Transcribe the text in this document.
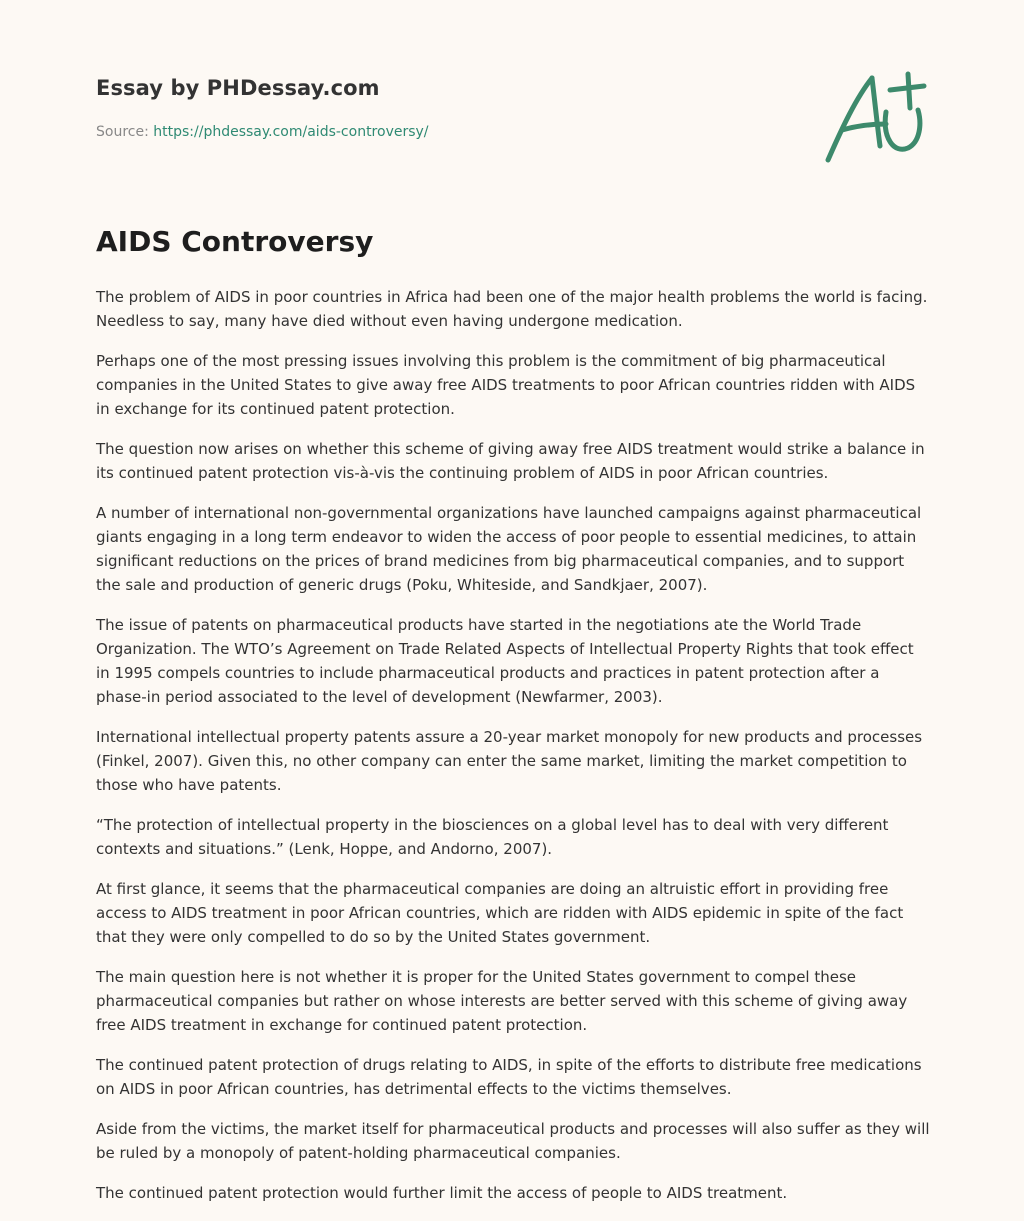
Essay by PHDessay.com
Source: https://phdessay.com/aids-controversy/
AIDS Controversy

The problem of AIDS in poor countries in Africa had been one of the major health problems the world is facing. Needless to say, many have died without even having undergone medication.

Perhaps one of the most pressing issues involving this problem is the commitment of big pharmaceutical companies in the United States to give away free AIDS treatments to poor African countries ridden with AIDS in exchange for its continued patent protection.

The question now arises on whether this scheme of giving away free AIDS treatment would strike a balance in its continued patent protection vis-à-vis the continuing problem of AIDS in poor African countries.

A number of international non-governmental organizations have launched campaigns against pharmaceutical giants engaging in a long term endeavor to widen the access of poor people to essential medicines, to attain significant reductions on the prices of brand medicines from big pharmaceutical companies, and to support the sale and production of generic drugs (Poku, Whiteside, and Sandkjaer, 2007).

The issue of patents on pharmaceutical products have started in the negotiations ate the World Trade Organization. The WTO’s Agreement on Trade Related Aspects of Intellectual Property Rights that took effect in 1995 compels countries to include pharmaceutical products and practices in patent protection after a phase-in period associated to the level of development (Newfarmer, 2003).

International intellectual property patents assure a 20-year market monopoly for new products and processes (Finkel, 2007). Given this, no other company can enter the same market, limiting the market competition to those who have patents.

“The protection of intellectual property in the biosciences on a global level has to deal with very different contexts and situations.” (Lenk, Hoppe, and Andorno, 2007).

At first glance, it seems that the pharmaceutical companies are doing an altruistic effort in providing free access to AIDS treatment in poor African countries, which are ridden with AIDS epidemic in spite of the fact that they were only compelled to do so by the United States government.

The main question here is not whether it is proper for the United States government to compel these pharmaceutical companies but rather on whose interests are better served with this scheme of giving away free AIDS treatment in exchange for continued patent protection.

The continued patent protection of drugs relating to AIDS, in spite of the efforts to distribute free medications on AIDS in poor African countries, has detrimental effects to the victims themselves.

Aside from the victims, the market itself for pharmaceutical products and processes will also suffer as they will be ruled by a monopoly of patent-holding pharmaceutical companies.

The continued patent protection would further limit the access of people to AIDS treatment.
